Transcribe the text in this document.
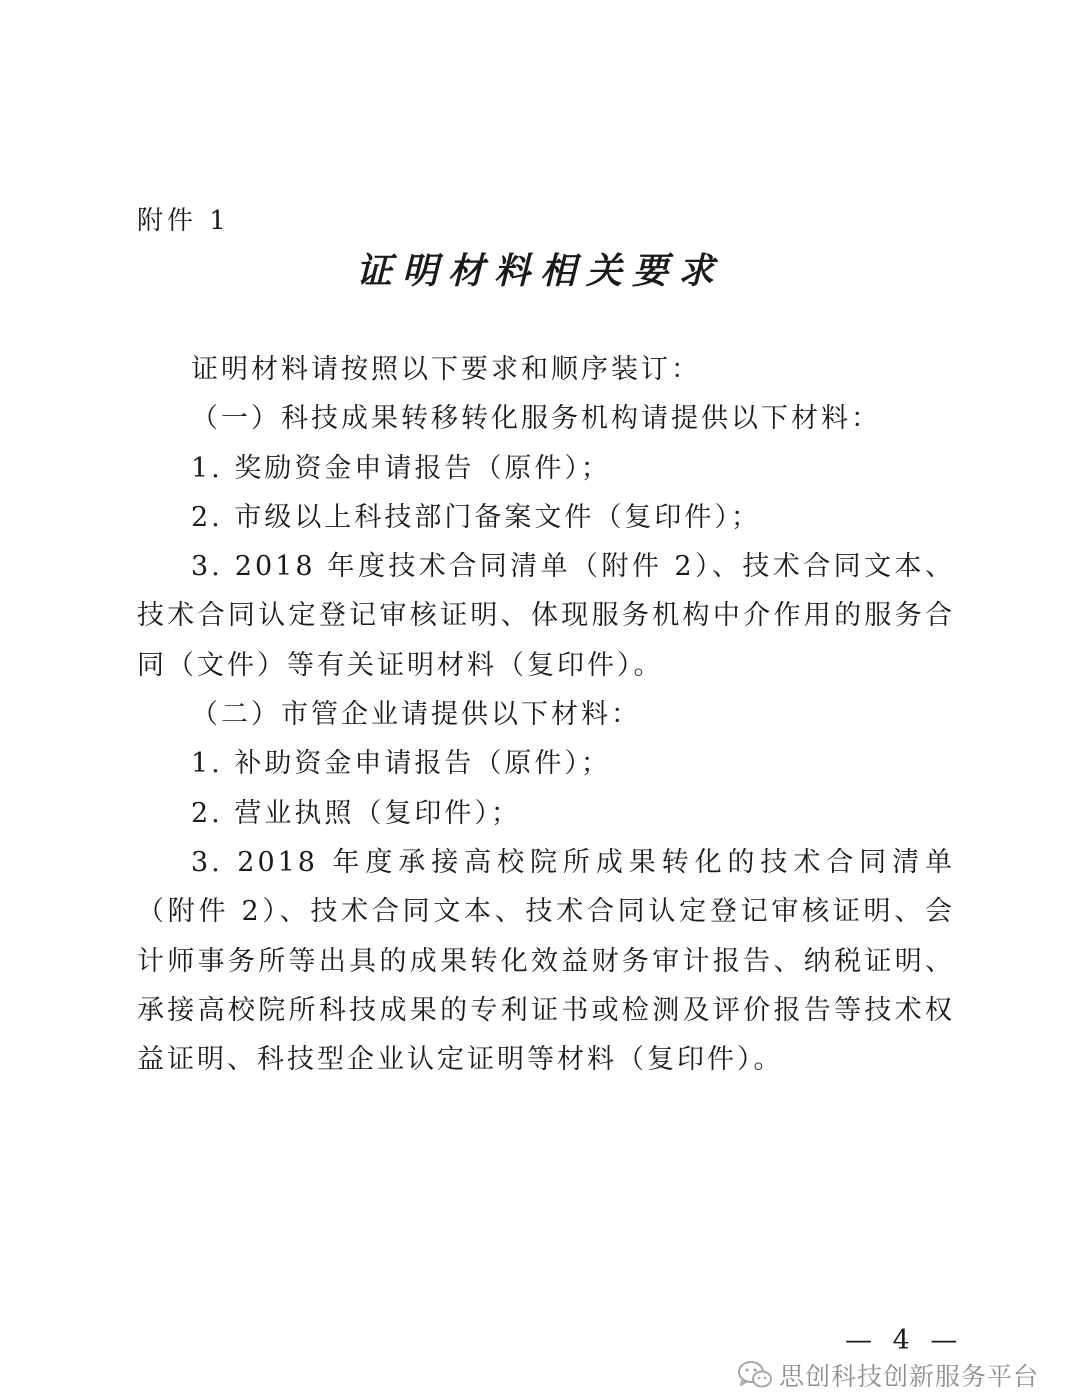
附件 1
证明材料相关要求

证明材料请按照以下要求和顺序装订：

（一）科技成果转移转化服务机构请提供以下材料：

1. 奖励资金申请报告（原件）；

2. 市级以上科技部门备案文件（复印件）；

3. 2018 年度技术合同清单（附件 2）、技术合同文本、技术合同认定登记审核证明、体现服务机构中介作用的服务合同（文件）等有关证明材料（复印件）。

（二）市管企业请提供以下材料：

1. 补助资金申请报告（原件）；

2. 营业执照（复印件）；

3. 2018 年度承接高校院所成果转化的技术合同清单（附件 2）、技术合同文本、技术合同认定登记审核证明、会计师事务所等出具的成果转化效益财务审计报告、纳税证明、承接高校院所科技成果的专利证书或检测及评价报告等技术权益证明、科技型企业认定证明等材料（复印件）。

— 4 —
思创科技创新服务平台
